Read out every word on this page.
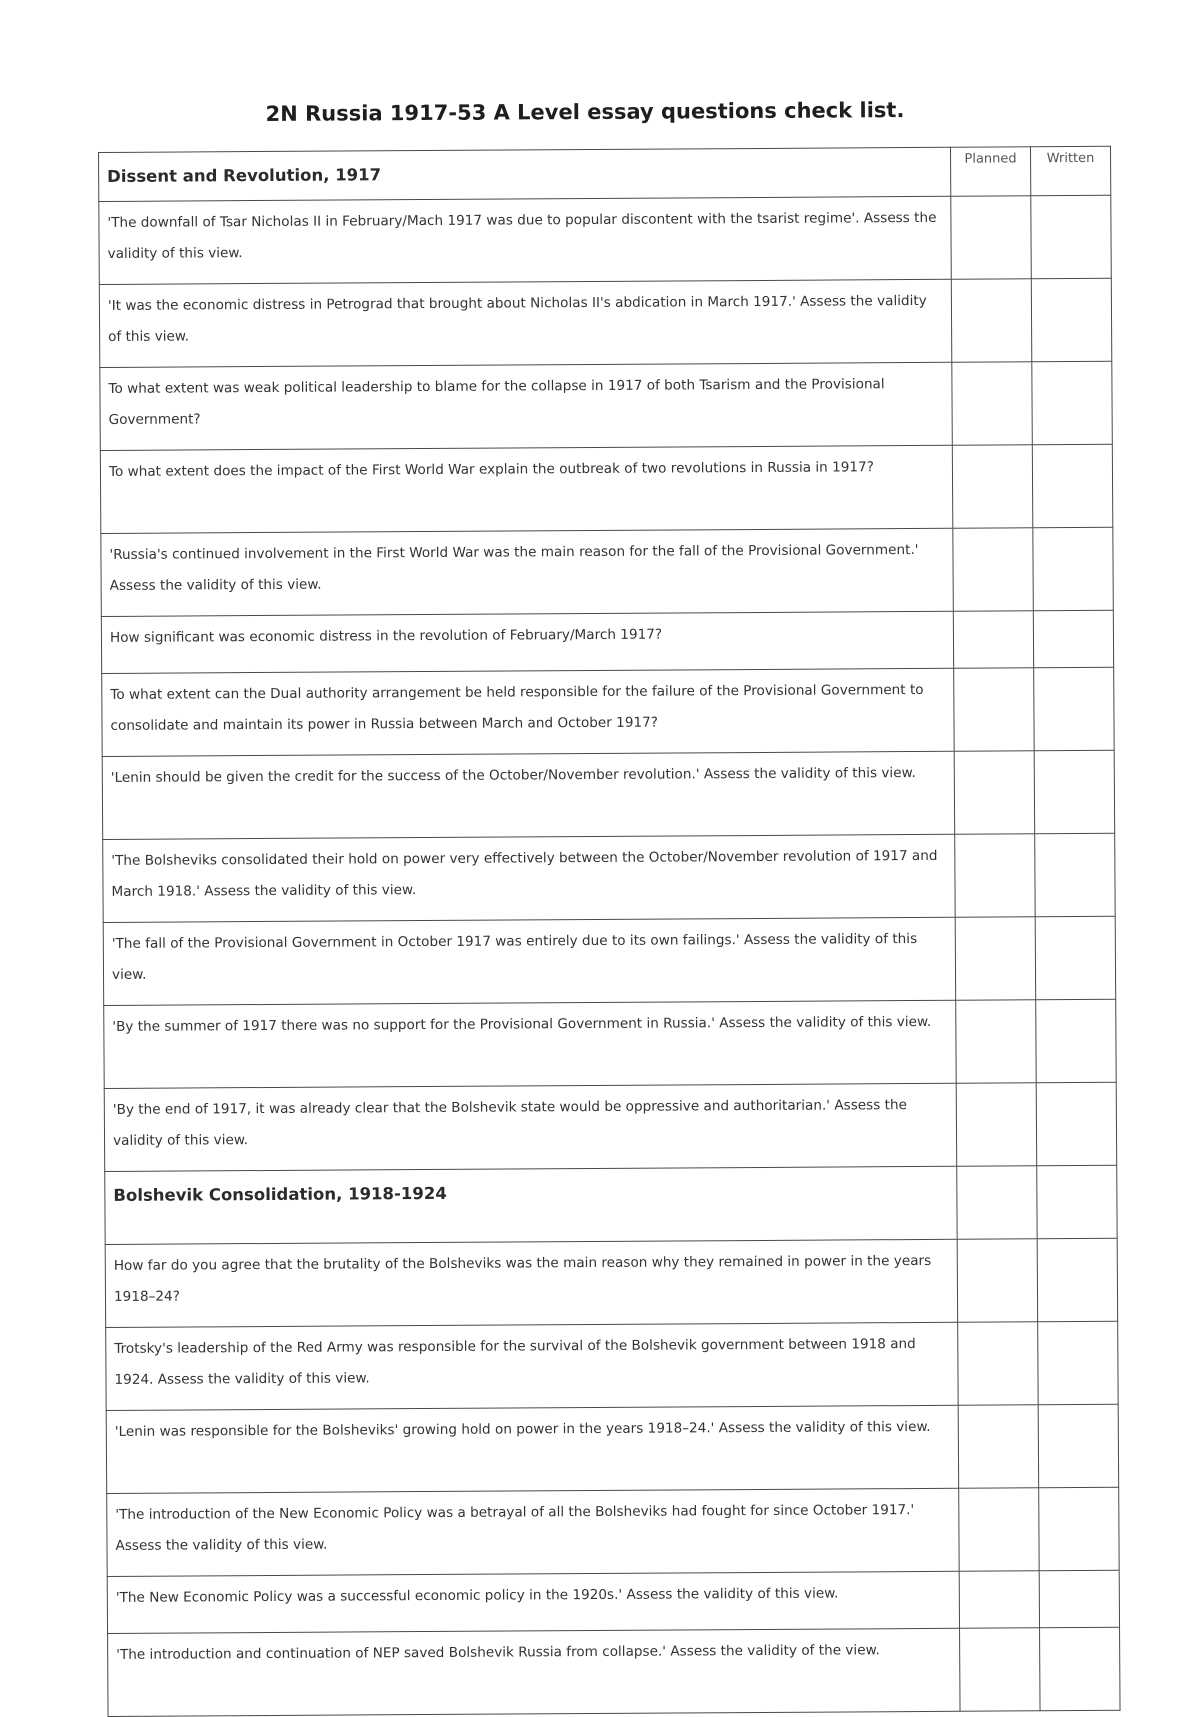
2N Russia 1917-53 A Level essay questions check list.
Dissent and Revolution, 1917	Planned	Written
'The downfall of Tsar Nicholas II in February/Mach 1917 was due to popular discontent with the tsarist regime'. Assess the validity of this view.		
'It was the economic distress in Petrograd that brought about Nicholas II's abdication in March 1917.' Assess the validity of this view.		
To what extent was weak political leadership to blame for the collapse in 1917 of both Tsarism and the Provisional Government?		
To what extent does the impact of the First World War explain the outbreak of two revolutions in Russia in 1917?		
'Russia's continued involvement in the First World War was the main reason for the fall of the Provisional Government.' Assess the validity of this view.		
How significant was economic distress in the revolution of February/March 1917?		
To what extent can the Dual authority arrangement be held responsible for the failure of the Provisional Government to consolidate and maintain its power in Russia between March and October 1917?		
'Lenin should be given the credit for the success of the October/November revolution.' Assess the validity of this view.		
'The Bolsheviks consolidated their hold on power very effectively between the October/November revolution of 1917 and March 1918.' Assess the validity of this view.		
'The fall of the Provisional Government in October 1917 was entirely due to its own failings.' Assess the validity of this view.		
'By the summer of 1917 there was no support for the Provisional Government in Russia.' Assess the validity of this view.		
'By the end of 1917, it was already clear that the Bolshevik state would be oppressive and authoritarian.' Assess the validity of this view.		
Bolshevik Consolidation, 1918-1924		
How far do you agree that the brutality of the Bolsheviks was the main reason why they remained in power in the years 1918–24?		
Trotsky's leadership of the Red Army was responsible for the survival of the Bolshevik government between 1918 and 1924. Assess the validity of this view.		
'Lenin was responsible for the Bolsheviks' growing hold on power in the years 1918–24.' Assess the validity of this view.		
'The introduction of the New Economic Policy was a betrayal of all the Bolsheviks had fought for since October 1917.' Assess the validity of this view.		
'The New Economic Policy was a successful economic policy in the 1920s.' Assess the validity of this view.		
'The introduction and continuation of NEP saved Bolshevik Russia from collapse.' Assess the validity of the view.		
